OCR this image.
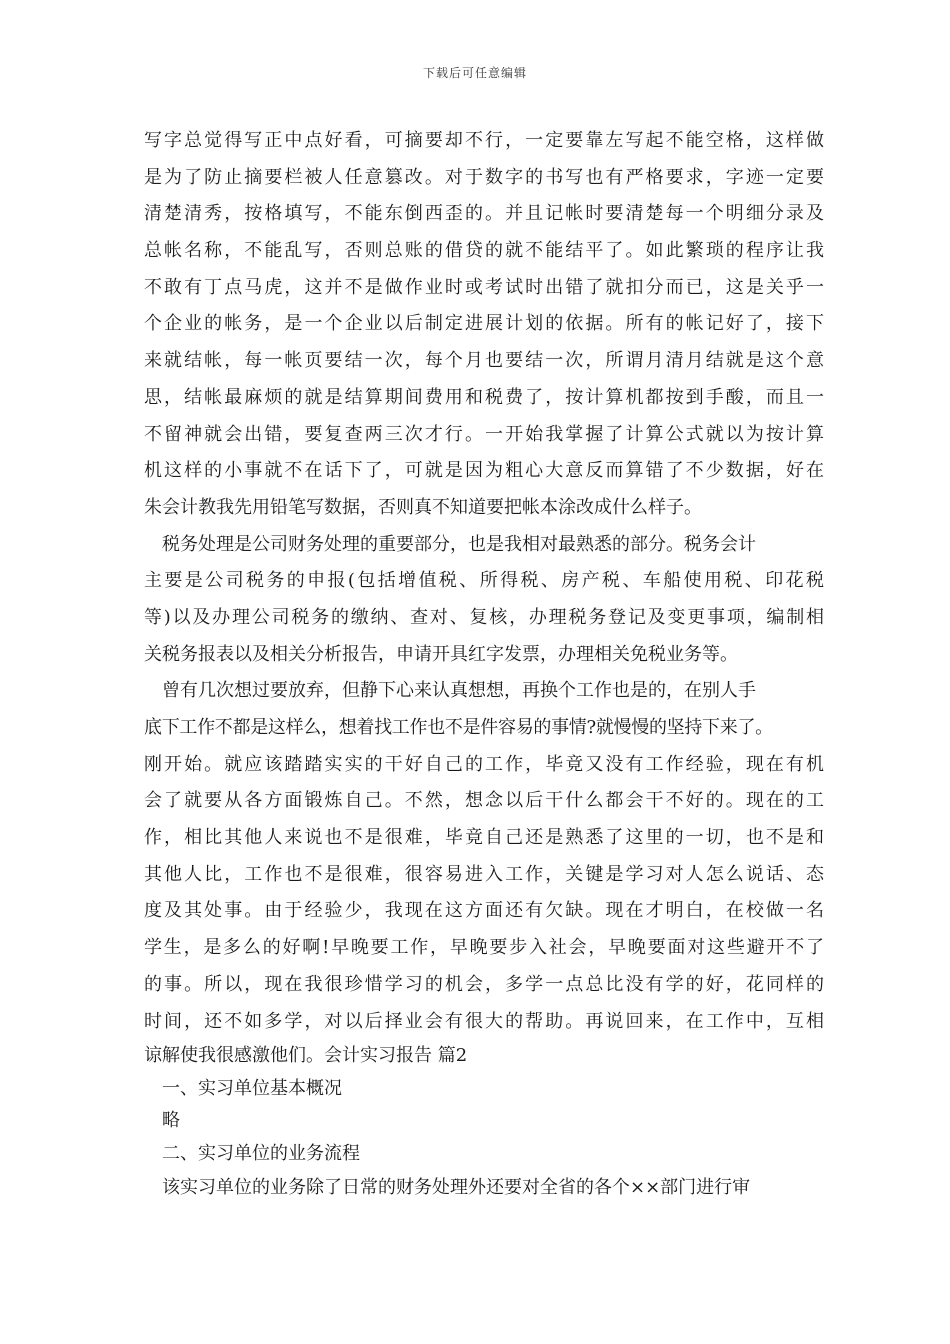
下载后可任意编辑
写字总觉得写正中点好看，可摘要却不行，一定要靠左写起不能空格，这样做
是为了防止摘要栏被人任意篡改。对于数字的书写也有严格要求，字迹一定要
清楚清秀，按格填写，不能东倒西歪的。并且记帐时要清楚每一个明细分录及
总帐名称，不能乱写，否则总账的借贷的就不能结平了。如此繁琐的程序让我
不敢有丁点马虎，这并不是做作业时或考试时出错了就扣分而已，这是关乎一
个企业的帐务，是一个企业以后制定进展计划的依据。所有的帐记好了，接下
来就结帐，每一帐页要结一次，每个月也要结一次，所谓月清月结就是这个意
思，结帐最麻烦的就是结算期间费用和税费了，按计算机都按到手酸，而且一
不留神就会出错，要复查两三次才行。一开始我掌握了计算公式就以为按计算
机这样的小事就不在话下了，可就是因为粗心大意反而算错了不少数据，好在
朱会计教我先用铅笔写数据，否则真不知道要把帐本涂改成什么样子。
税务处理是公司财务处理的重要部分，也是我相对最熟悉的部分。税务会计
主要是公司税务的申报(包括增值税、所得税、房产税、车船使用税、印花税
等)以及办理公司税务的缴纳、查对、复核，办理税务登记及变更事项，编制相
关税务报表以及相关分析报告，申请开具红字发票，办理相关免税业务等。
曾有几次想过要放弃，但静下心来认真想想，再换个工作也是的，在别人手
底下工作不都是这样么，想着找工作也不是件容易的事情?就慢慢的坚持下来了。
刚开始。就应该踏踏实实的干好自己的工作，毕竟又没有工作经验，现在有机
会了就要从各方面锻炼自己。不然，想念以后干什么都会干不好的。现在的工
作，相比其他人来说也不是很难，毕竟自己还是熟悉了这里的一切，也不是和
其他人比，工作也不是很难，很容易进入工作，关键是学习对人怎么说话、态
度及其处事。由于经验少，我现在这方面还有欠缺。现在才明白，在校做一名
学生，是多么的好啊!早晚要工作，早晚要步入社会，早晚要面对这些避开不了
的事。所以，现在我很珍惜学习的机会，多学一点总比没有学的好，花同样的
时间，还不如多学，对以后择业会有很大的帮助。再说回来，在工作中，互相
谅解使我很感激他们。会计实习报告 篇2
一、实习单位基本概况
略
二、实习单位的业务流程
该实习单位的业务除了日常的财务处理外还要对全省的各个××部门进行审
